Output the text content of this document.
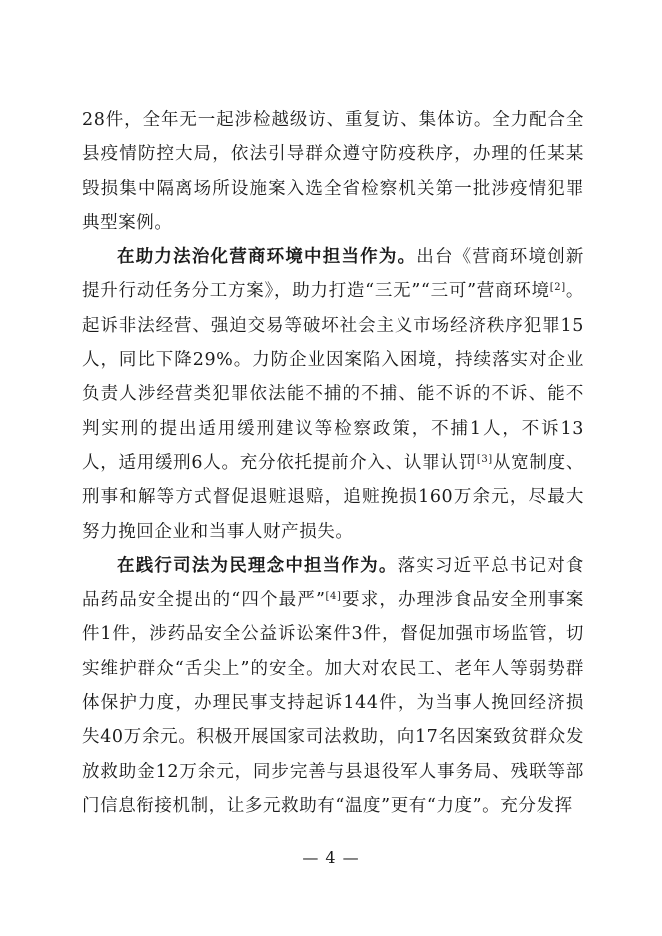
28件，全年无一起涉检越级访、重复访、集体访。全力配合全县疫情防控大局，依法引导群众遵守防疫秩序，办理的任某某毁损集中隔离场所设施案入选全省检察机关第一批涉疫情犯罪典型案例。

在助力法治化营商环境中担当作为。出台《营商环境创新提升行动任务分工方案》，助力打造“三无”“三可”营商环境[2]。起诉非法经营、强迫交易等破坏社会主义市场经济秩序犯罪15人，同比下降29%。力防企业因案陷入困境，持续落实对企业负责人涉经营类犯罪依法能不捕的不捕、能不诉的不诉、能不判实刑的提出适用缓刑建议等检察政策，不捕1人，不诉13人，适用缓刑6人。充分依托提前介入、认罪认罚[3]从宽制度、刑事和解等方式督促退赃退赔，追赃挽损160万余元，尽最大努力挽回企业和当事人财产损失。

在践行司法为民理念中担当作为。落实习近平总书记对食品药品安全提出的“四个最严”[4]要求，办理涉食品安全刑事案件1件，涉药品安全公益诉讼案件3件，督促加强市场监管，切实维护群众“舌尖上”的安全。加大对农民工、老年人等弱势群体保护力度，办理民事支持起诉144件，为当事人挽回经济损失40万余元。积极开展国家司法救助，向17名因案致贫群众发放救助金12万余元，同步完善与县退役军人事务局、残联等部门信息衔接机制，让多元救助有“温度”更有“力度”。充分发挥

— 4 —
